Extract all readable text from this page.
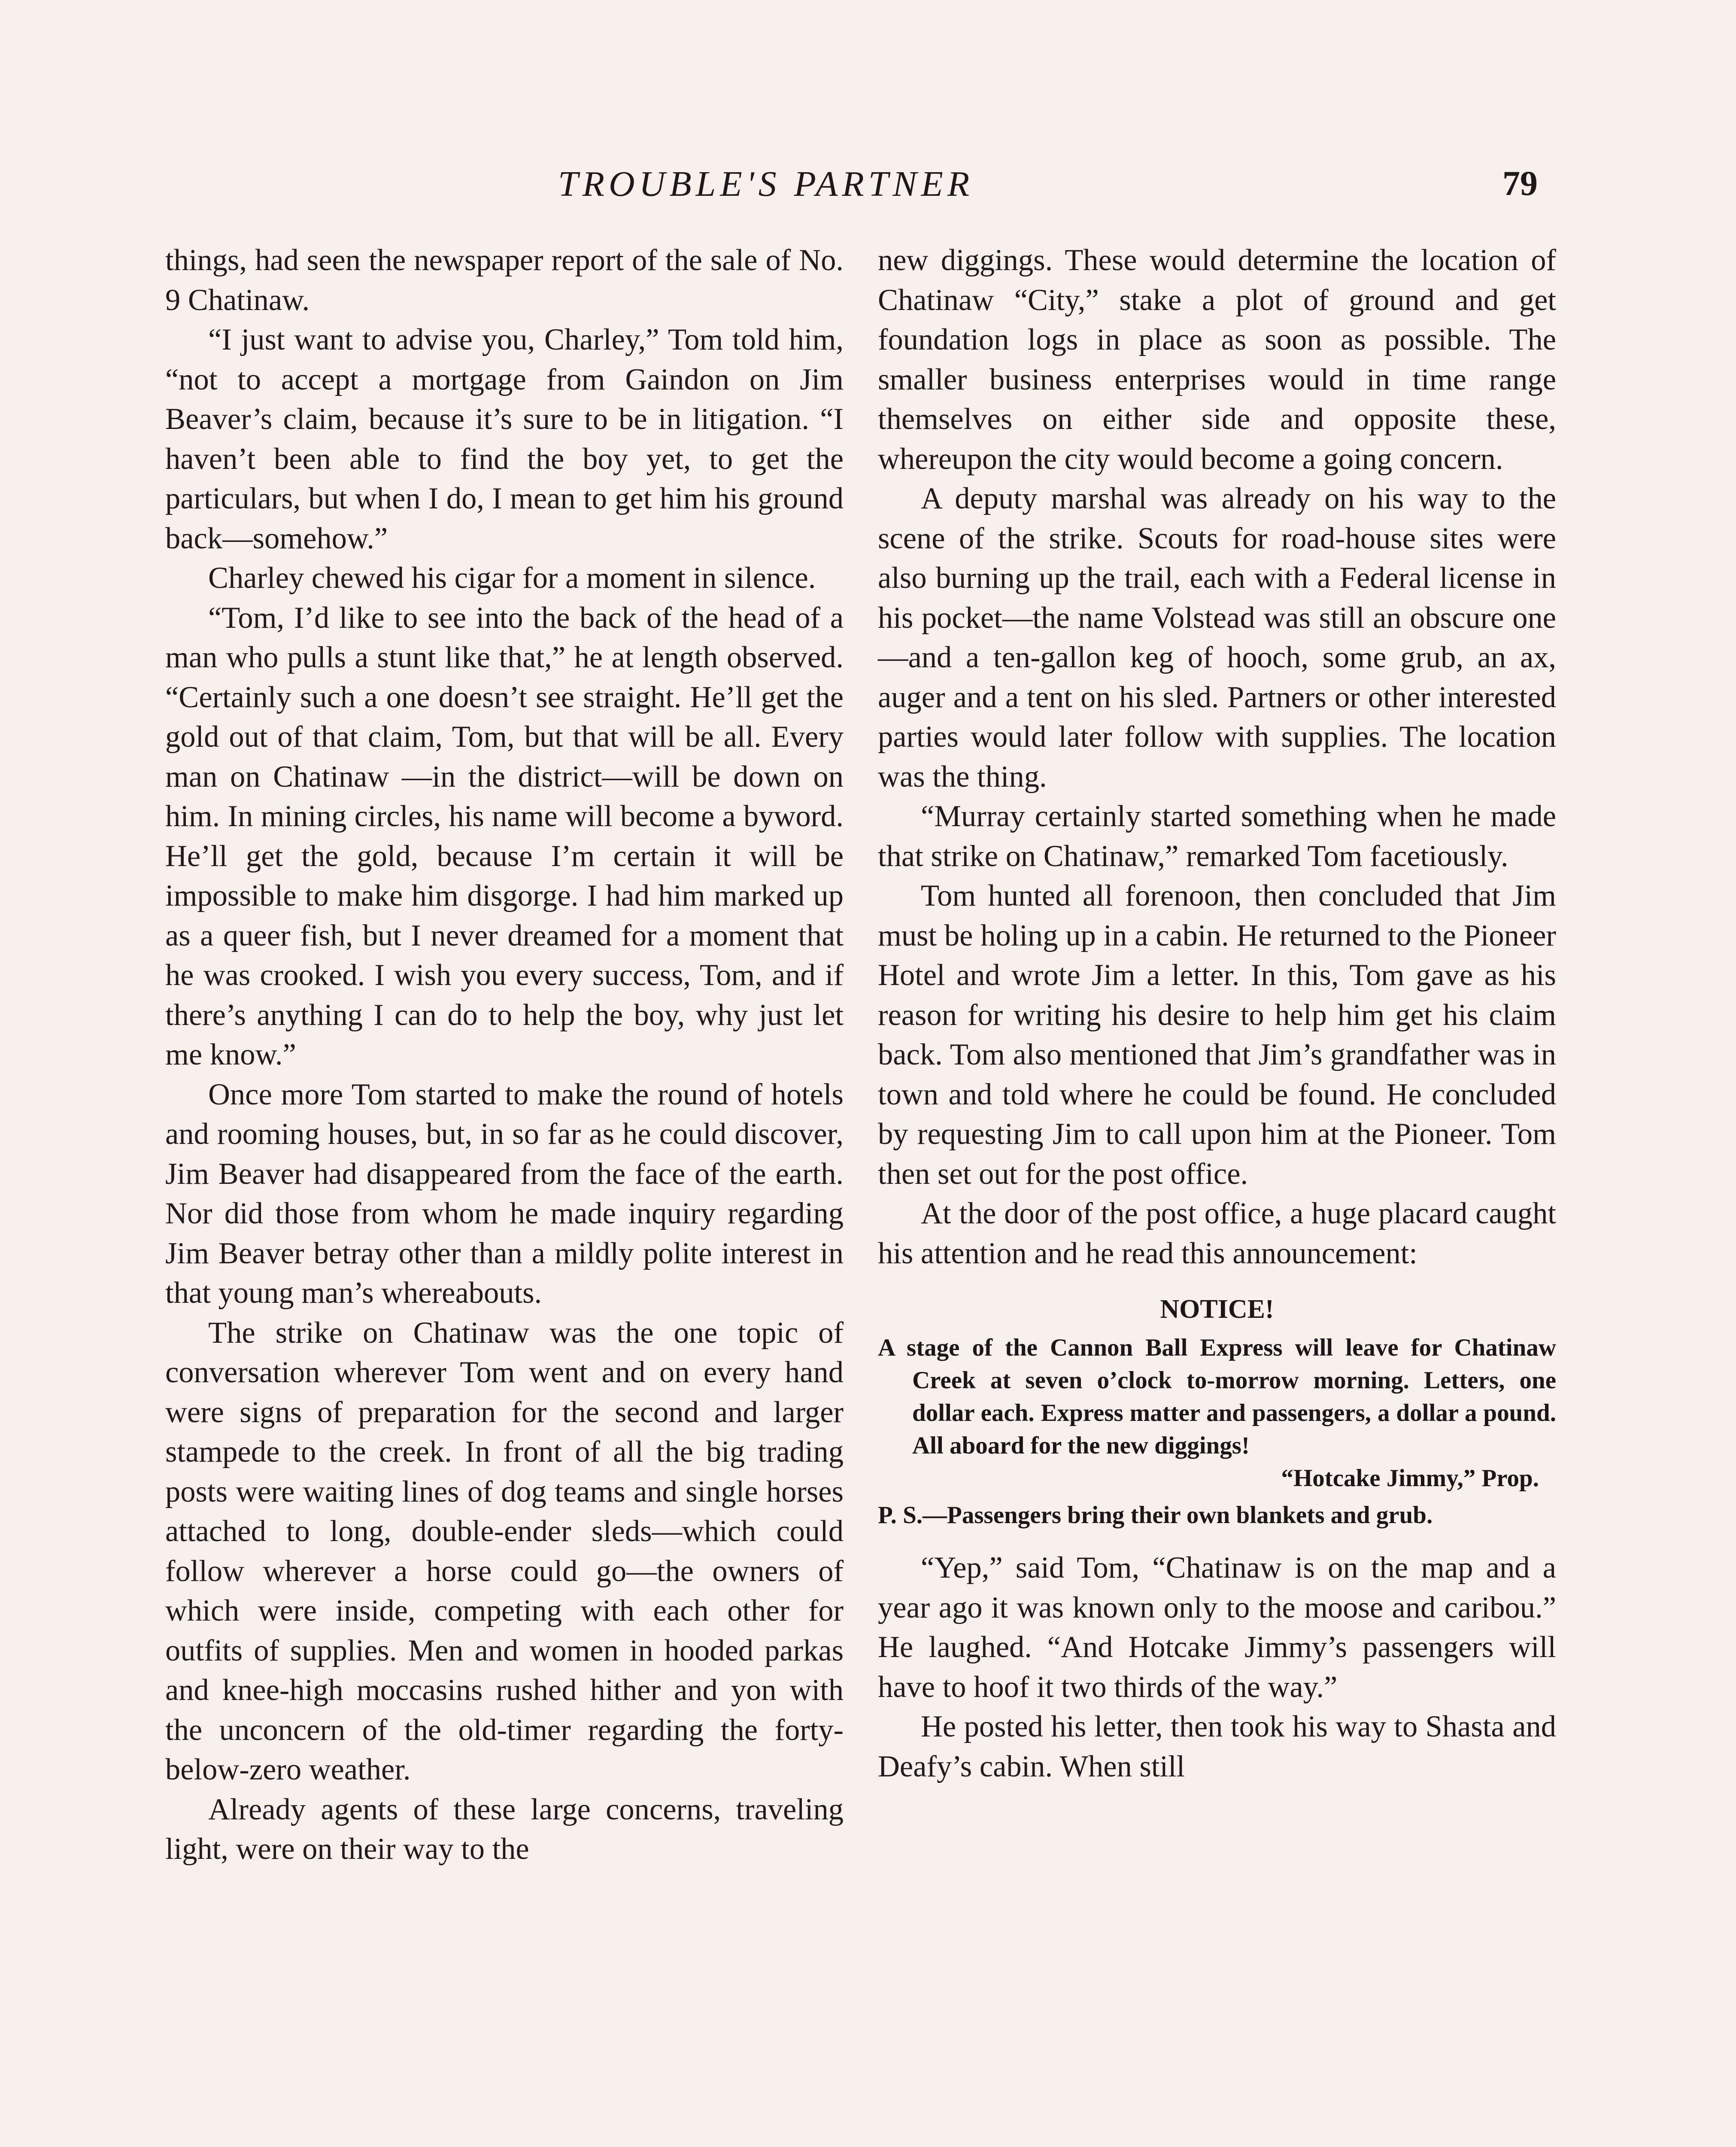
TROUBLE'S PARTNER	79

things, had seen the newspaper report of the sale of No. 9 Chatinaw.

“I just want to advise you, Charley,” Tom told him, “not to accept a mortgage from Gaindon on Jim Beaver’s claim, because it’s sure to be in litigation. “I haven’t been able to find the boy yet, to get the particulars, but when I do, I mean to get him his ground back—somehow.”

Charley chewed his cigar for a moment in silence.

“Tom, I’d like to see into the back of the head of a man who pulls a stunt like that,” he at length observed. “Certainly such a one doesn’t see straight. He’ll get the gold out of that claim, Tom, but that will be all. Every man on Chatinaw —in the district—will be down on him. In mining circles, his name will become a byword. He’ll get the gold, because I’m certain it will be impossible to make him disgorge. I had him marked up as a queer fish, but I never dreamed for a moment that he was crooked. I wish you every success, Tom, and if there’s anything I can do to help the boy, why just let me know.”

Once more Tom started to make the round of hotels and rooming houses, but, in so far as he could discover, Jim Beaver had disappeared from the face of the earth. Nor did those from whom he made inquiry regarding Jim Beaver betray other than a mildly polite interest in that young man’s whereabouts.

The strike on Chatinaw was the one topic of conversation wherever Tom went and on every hand were signs of preparation for the second and larger stampede to the creek. In front of all the big trading posts were waiting lines of dog teams and single horses attached to long, double-ender sleds—which could follow wherever a horse could go—the owners of which were inside, competing with each other for outfits of supplies. Men and women in hooded parkas and knee-high moccasins rushed hither and yon with the unconcern of the old-timer regarding the forty-below-zero weather.

Already agents of these large concerns, traveling light, were on their way to the

new diggings. These would determine the location of Chatinaw “City,” stake a plot of ground and get foundation logs in place as soon as possible. The smaller business enterprises would in time range themselves on either side and opposite these, whereupon the city would become a going concern.

A deputy marshal was already on his way to the scene of the strike. Scouts for road-house sites were also burning up the trail, each with a Federal license in his pocket—the name Volstead was still an obscure one—and a ten-gallon keg of hooch, some grub, an ax, auger and a tent on his sled. Partners or other interested parties would later follow with supplies. The location was the thing.

“Murray certainly started something when he made that strike on Chatinaw,” remarked Tom facetiously.

Tom hunted all forenoon, then concluded that Jim must be holing up in a cabin. He returned to the Pioneer Hotel and wrote Jim a letter. In this, Tom gave as his reason for writing his desire to help him get his claim back. Tom also mentioned that Jim’s grandfather was in town and told where he could be found. He concluded by requesting Jim to call upon him at the Pioneer. Tom then set out for the post office.

At the door of the post office, a huge placard caught his attention and he read this announcement:

NOTICE!

A stage of the Cannon Ball Express will leave for Chatinaw Creek at seven o’clock to-morrow morning. Letters, one dollar each. Express matter and passengers, a dollar a pound. All aboard for the new diggings!

“Hotcake Jimmy,” Prop.

P. S.—Passengers bring their own blankets and grub.

“Yep,” said Tom, “Chatinaw is on the map and a year ago it was known only to the moose and caribou.” He laughed. “And Hotcake Jimmy’s passengers will have to hoof it two thirds of the way.”

He posted his letter, then took his way to Shasta and Deafy’s cabin. When still
